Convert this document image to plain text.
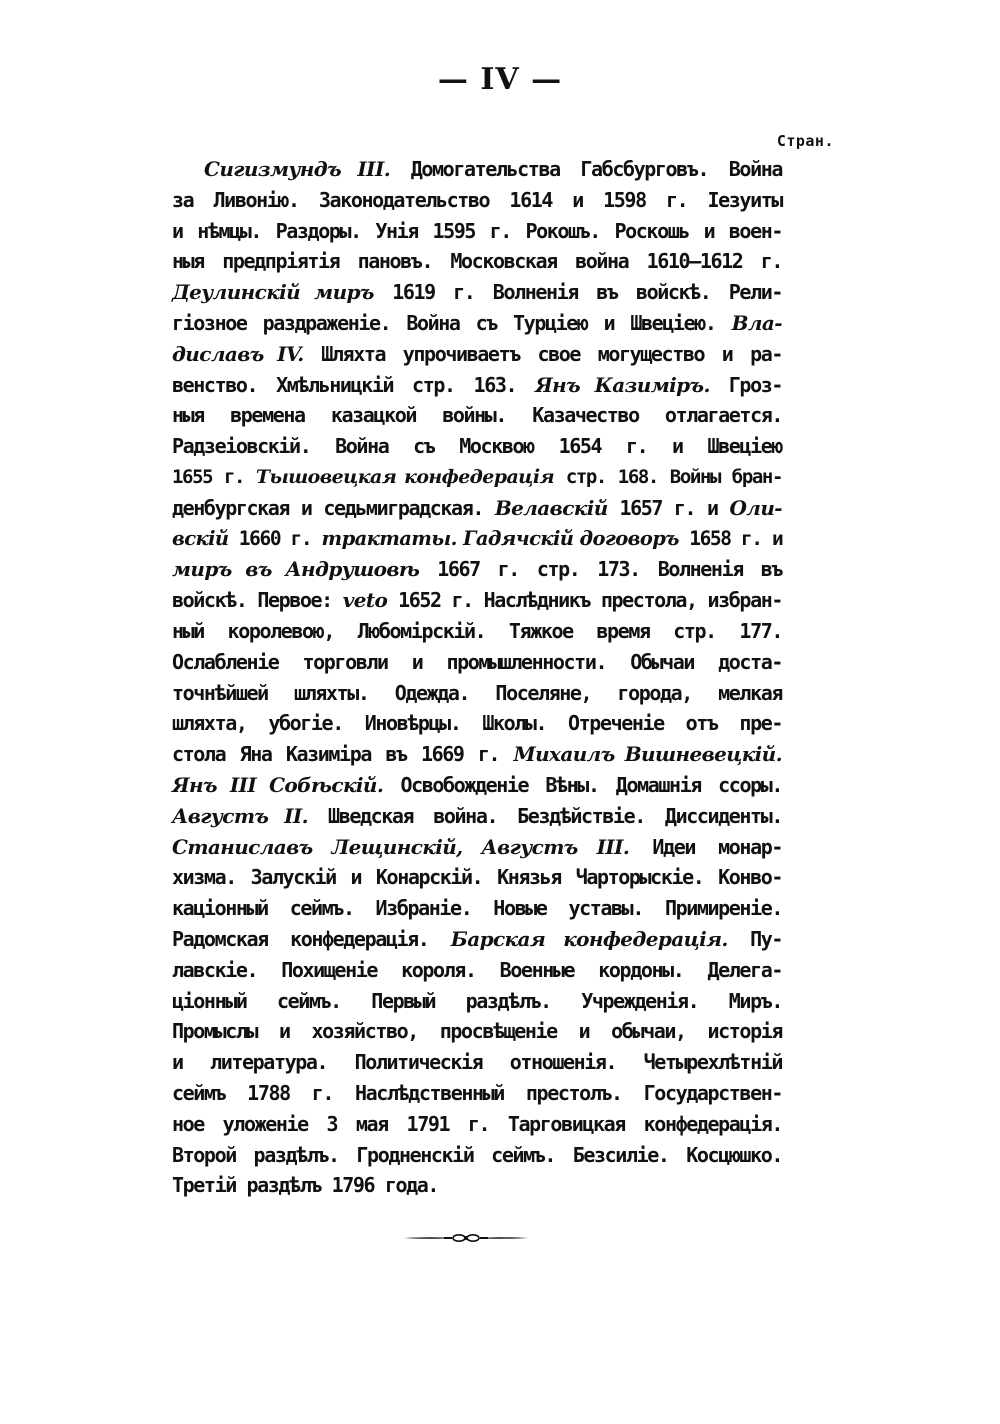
— IV —
Стран.
Сигизмундъ III. Домогательства Габсбурговъ. Война
за Ливонію. Законодательство 1614 и 1598 г. Іезуиты
и нѣмцы. Раздоры. Унія 1595 г. Рокошъ. Роскошь и воен-
ныя предпріятія пановъ. Московская война 1610—1612 г.
Деулинскій миръ 1619 г. Волненія въ войскѣ. Рели-
гіозное раздраженіе. Война съ Турціею и Швеціею. Вла-
диславъ IV. Шляхта упрочиваетъ свое могущество и ра-
венство. Хмѣльницкій стр. 163. Янъ Казиміръ. Гроз-
ныя времена казацкой войны. Казачество отлагается.
Радзеіовскій. Война съ Москвою 1654 г. и Швеціею
1655 г. Тышовецкая конфедерація стр. 168. Войны бран-
денбургская и седьмиградская. Велавскій 1657 г. и Оли-
вскій 1660 г. трактаты. Гадячскій договоръ 1658 г. и
миръ въ Андрушовѣ 1667 г. стр. 173. Волненія въ
войскѣ. Первое: veto 1652 г. Наслѣдникъ престола, избран-
ный королевою, Любомірскій. Тяжкое время стр. 177.
Ослабленіе торговли и промышленности. Обычаи доста-
точнѣйшей шляхты. Одежда. Поселяне, города, мелкая
шляхта, убогіе. Иновѣрцы. Школы. Отреченіе отъ пре-
стола Яна Казиміра въ 1669 г. Михаилъ Вишневецкій.
Янъ III Собѣскій. Освобожденіе Вѣны. Домашнія ссоры.
Августъ II. Шведская война. Бездѣйствіе. Диссиденты.
Станиславъ Лещинскій, Августъ III. Идеи монар-
хизма. Залускій и Конарскій. Князья Чарторыскіе. Конво-
каціонный сеймъ. Избраніе. Новые уставы. Примиреніе.
Радомская конфедерація. Барская конфедерація. Пу-
лавскіе. Похищеніе короля. Военные кордоны. Делега-
ціонный сеймъ. Первый раздѣлъ. Учрежденія. Миръ.
Промыслы и хозяйство, просвѣщеніе и обычаи, исторія
и литература. Политическія отношенія. Четырехлѣтній
сеймъ 1788 г. Наслѣдственный престолъ. Государствен-
ное уложеніе 3 мая 1791 г. Тарговицкая конфедерація.
Второй раздѣлъ. Гродненскій сеймъ. Безсиліе. Косцюшко.
Третій раздѣлъ 1796 года.
